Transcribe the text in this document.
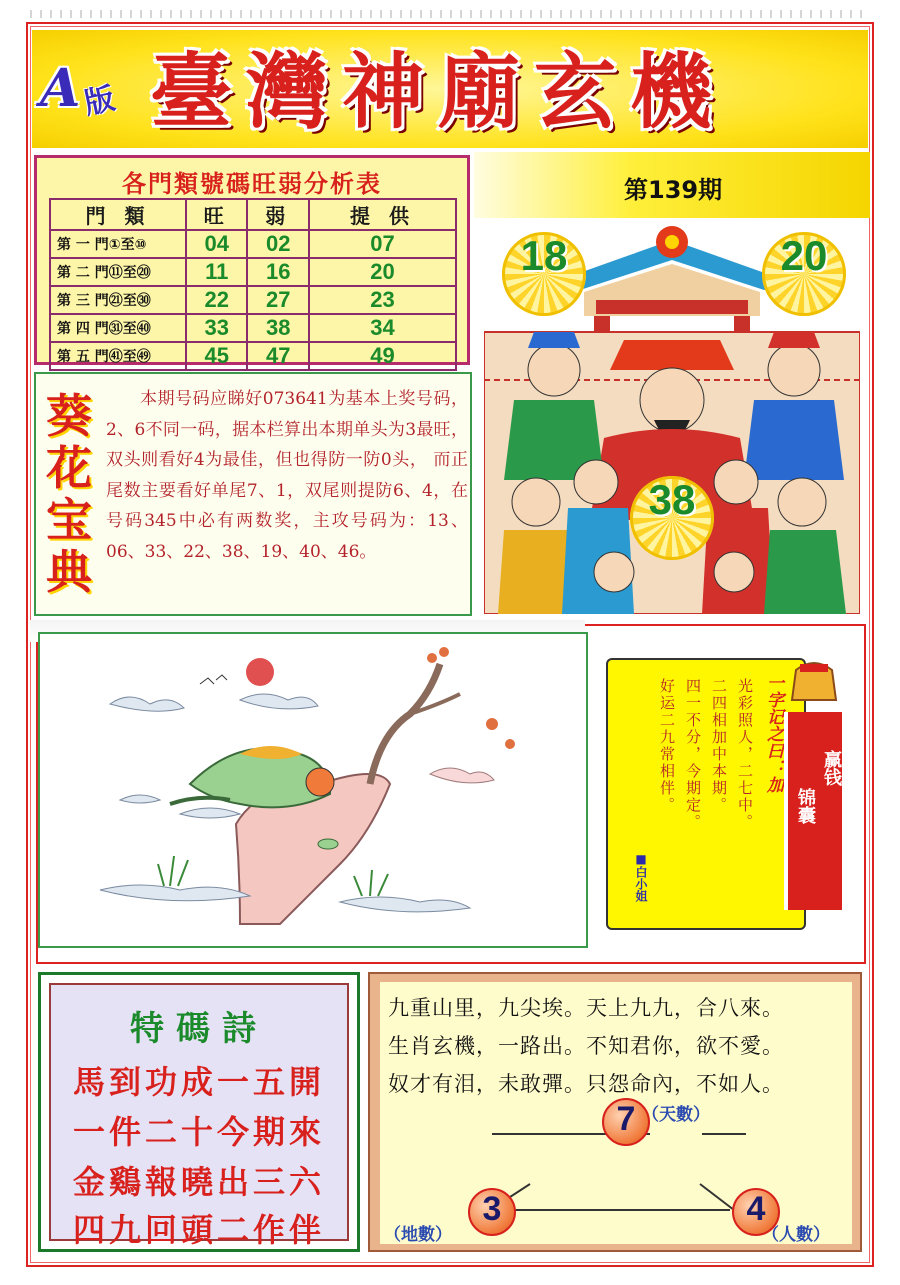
A 版 臺灣神廟玄機
各門類號碼旺弱分析表
門 類	旺	弱	提 供
第 一 門①至⑩	04	02	07
第 二 門⑪至⑳	11	16	20
第 三 門㉑至㉚	22	27	23
第 四 門㉛至㊵	33	38	34
第 五 門㊶至㊾	45	47	49
第139期
18	20
38
葵花宝典
本期号码应睇好073641为基本上奖号码，2、6不同一码，据本栏算出本期单头为3最旺，双头则看好4为最佳，但也得防一防0头， 而正尾数主要看好单尾7、1，双尾则提防6、4，在号码345中必有两数奖，主攻号码为：13、06、33、22、38、19、40、46。
一字记之曰：加
光彩照人，二七中。
二四相加中本期。
四一不分，今期定。
好运二九常相伴。
■白小姐
赢钱
锦囊
特碼詩
馬到功成一五開
一件二十今期來
金鷄報曉出三六
四九回頭二作伴
九重山里，九尖埃。天上九九，合八來。
生肖玄機，一路出。不知君你，欲不愛。
奴才有泪，未敢彈。只怨命內，不如人。
7 （天數）
3
（地數）
4
（人數）
